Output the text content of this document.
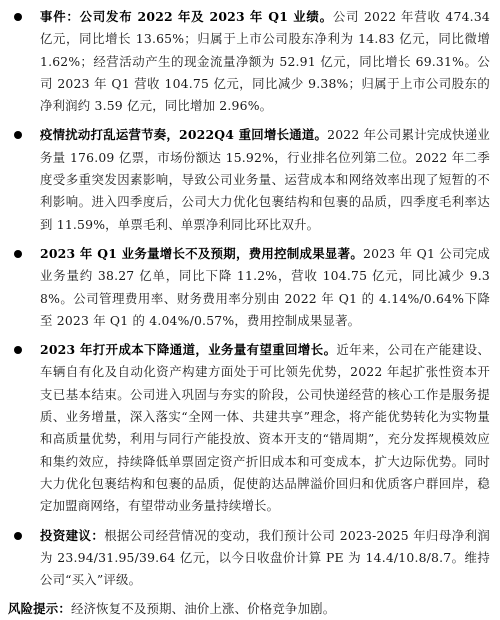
事件：公司发布 2022 年及 2023 年 Q1 业绩。公司 2022 年营收 474.34 亿元，同比增长 13.65%；归属于上市公司股东净利为 14.83 亿元，同比微增 1.62%；经营活动产生的现金流量净额为 52.91 亿元，同比增长 69.31%。公司 2023 年 Q1 营收 104.75 亿元，同比减少 9.38%；归属于上市公司股东的净利润约 3.59 亿元，同比增加 2.96%。
疫情扰动打乱运营节奏，2022Q4 重回增长通道。2022 年公司累计完成快递业务量 176.09 亿票，市场份额达 15.92%，行业排名位列第二位。2022 年二季度受多重突发因素影响，导致公司业务量、运营成本和网络效率出现了短暂的不利影响。进入四季度后，公司大力优化包裹结构和包裹的品质，四季度毛利率达到 11.59%，单票毛利、单票净利同比环比双升。
2023 年 Q1 业务量增长不及预期，费用控制成果显著。2023 年 Q1 公司完成业务量约 38.27 亿单，同比下降 11.2%，营收 104.75 亿元，同比减少 9.38%。公司管理费用率、财务费用率分别由 2022 年 Q1 的 4.14%/0.64%下降至 2023 年 Q1 的 4.04%/0.57%，费用控制成果显著。
2023 年打开成本下降通道，业务量有望重回增长。近年来，公司在产能建设、车辆自有化及自动化资产构建方面处于可比领先优势，2022 年起扩张性资本开支已基本结束。公司进入巩固与夯实的阶段，公司快递经营的核心工作是服务提质、业务增量，深入落实“全网一体、共建共享”理念，将产能优势转化为实物量和高质量优势，利用与同行产能投放、资本开支的“错周期”，充分发挥规模效应和集约效应，持续降低单票固定资产折旧成本和可变成本，扩大边际优势。同时大力优化包裹结构和包裹的品质，促使韵达品牌溢价回归和优质客户群回岸，稳定加盟商网络，有望带动业务量持续增长。
投资建议：根据公司经营情况的变动，我们预计公司 2023-2025 年归母净利润为 23.94/31.95/39.64 亿元，以今日收盘价计算 PE 为 14.4/10.8/8.7。维持公司“买入”评级。
风险提示：经济恢复不及预期、油价上涨、价格竞争加剧。
